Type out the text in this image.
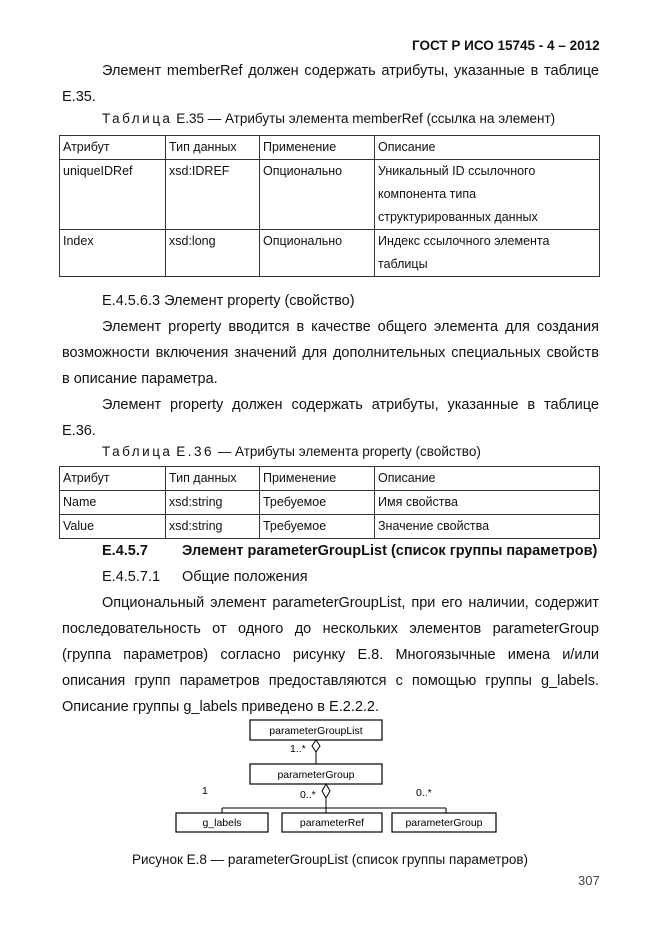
ГОСТ Р ИСО 15745 - 4 – 2012
Элемент memberRef должен содержать атрибуты, указанные в таблице
E.35.
Таблица E.35 — Атрибуты элемента memberRef (ссылка на элемент)
Атрибут	Тип данных	Применение	Описание
uniqueIDRef	xsd:IDREF	Опционально	Уникальный ID ссылочного
компонента типа
структурированных данных

Index	xsd:long	Опционально	Индекс ссылочного элемента
таблицы
E.4.5.6.3 Элемент property (свойство)
Элемент property вводится в качестве общего элемента для создания
возможности включения значений для дополнительных специальных свойств
в описание параметра.
Элемент property должен содержать атрибуты, указанные в таблице
E.36.
Таблица E.36 — Атрибуты элемента property (свойство)
Атрибут	Тип данных	Применение	Описание
Name	xsd:string	Требуемое	Имя свойства
Value	xsd:string	Требуемое	Значение свойства
E.4.5.7 Элемент parameterGroupList (список группы параметров)
E.4.5.7.1 Общие положения
Опциональный элемент parameterGroupList, при его наличии, содержит
последовательность от одного до нескольких элементов parameterGroup
(группа параметров) согласно рисунку E.8. Многоязычные имена и/или
описания групп параметров предоставляются с помощью группы g_labels.
Описание группы g_labels приведено в E.2.2.2.
parameterGroupList
1..*
parameterGroup
1	0..*	0..*
g_labels	parameterRef	parameterGroup
Рисунок E.8 — parameterGroupList (список группы параметров)
307
